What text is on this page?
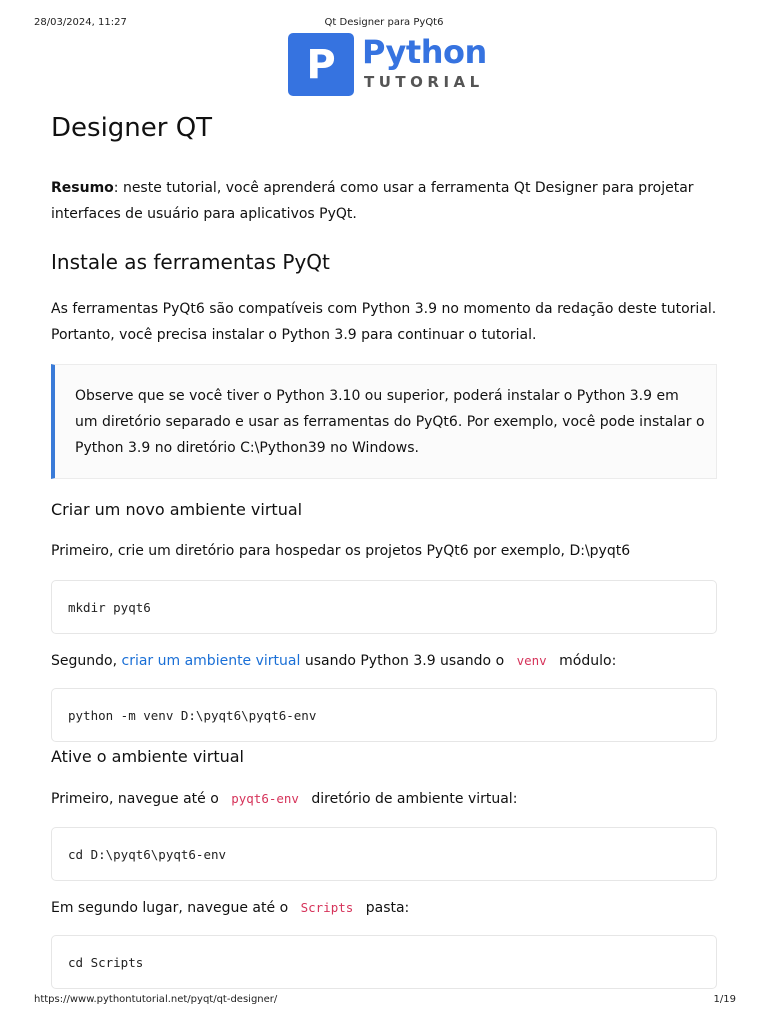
28/03/2024, 11:27	Qt Designer para PyQt6
P Python
TUTORIAL
Designer QT

Resumo: neste tutorial, você aprenderá como usar a ferramenta Qt Designer para projetar interfaces de usuário para aplicativos PyQt.

Instale as ferramentas PyQt

As ferramentas PyQt6 são compatíveis com Python 3.9 no momento da redação deste tutorial. Portanto, você precisa instalar o Python 3.9 para continuar o tutorial.

Observe que se você tiver o Python 3.10 ou superior, poderá instalar o Python 3.9 em um diretório separado e usar as ferramentas do PyQt6. Por exemplo, você pode instalar o Python 3.9 no diretório C:\Python39 no Windows.

Criar um novo ambiente virtual

Primeiro, crie um diretório para hospedar os projetos PyQt6 por exemplo, D:\pyqt6

mkdir pyqt6

Segundo, criar um ambiente virtual usando Python 3.9 usando o venv módulo:

python -m venv D:\pyqt6\pyqt6-env
Ative o ambiente virtual

Primeiro, navegue até o pyqt6-env diretório de ambiente virtual:

cd D:\pyqt6\pyqt6-env

Em segundo lugar, navegue até o Scripts pasta:

cd Scripts
https://www.pythontutorial.net/pyqt/qt-designer/	1/19
